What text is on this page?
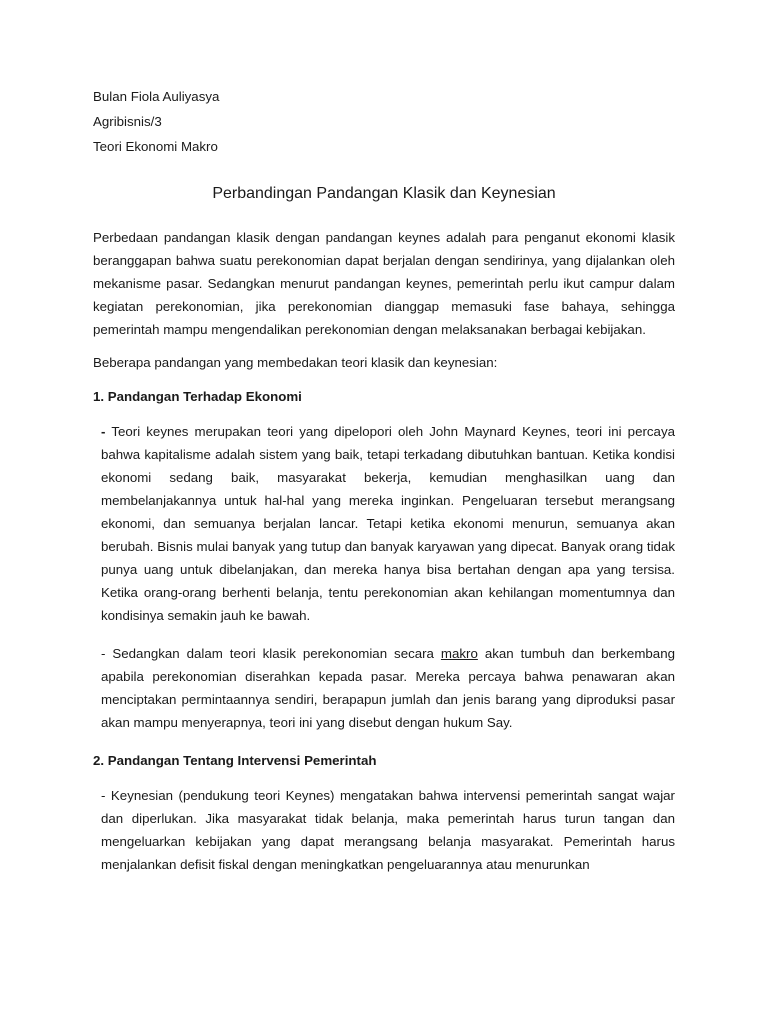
Bulan Fiola Auliyasya

Agribisnis/3

Teori Ekonomi Makro

Perbandingan Pandangan Klasik dan Keynesian

Perbedaan pandangan klasik dengan pandangan keynes adalah para penganut ekonomi klasik beranggapan bahwa suatu perekonomian dapat berjalan dengan sendirinya, yang dijalankan oleh mekanisme pasar. Sedangkan menurut pandangan keynes, pemerintah perlu ikut campur dalam kegiatan perekonomian, jika perekonomian dianggap memasuki fase bahaya, sehingga pemerintah mampu mengendalikan perekonomian dengan melaksanakan berbagai kebijakan.

Beberapa pandangan yang membedakan teori klasik dan keynesian:

1. Pandangan Terhadap Ekonomi

- Teori keynes merupakan teori yang dipelopori oleh John Maynard Keynes, teori ini percaya bahwa kapitalisme adalah sistem yang baik, tetapi terkadang dibutuhkan bantuan. Ketika kondisi ekonomi sedang baik, masyarakat bekerja, kemudian menghasilkan uang dan membelanjakannya untuk hal-hal yang mereka inginkan. Pengeluaran tersebut merangsang ekonomi, dan semuanya berjalan lancar. Tetapi ketika ekonomi menurun, semuanya akan berubah. Bisnis mulai banyak yang tutup dan banyak karyawan yang dipecat. Banyak orang tidak punya uang untuk dibelanjakan, dan mereka hanya bisa bertahan dengan apa yang tersisa. Ketika orang-orang berhenti belanja, tentu perekonomian akan kehilangan momentumnya dan kondisinya semakin jauh ke bawah.

- Sedangkan dalam teori klasik perekonomian secara makro akan tumbuh dan berkembang apabila perekonomian diserahkan kepada pasar. Mereka percaya bahwa penawaran akan menciptakan permintaannya sendiri, berapapun jumlah dan jenis barang yang diproduksi pasar akan mampu menyerapnya, teori ini yang disebut dengan hukum Say.

2. Pandangan Tentang Intervensi Pemerintah

- Keynesian (pendukung teori Keynes) mengatakan bahwa intervensi pemerintah sangat wajar dan diperlukan. Jika masyarakat tidak belanja, maka pemerintah harus turun tangan dan mengeluarkan kebijakan yang dapat merangsang belanja masyarakat. Pemerintah harus menjalankan defisit fiskal dengan meningkatkan pengeluarannya atau menurunkan
